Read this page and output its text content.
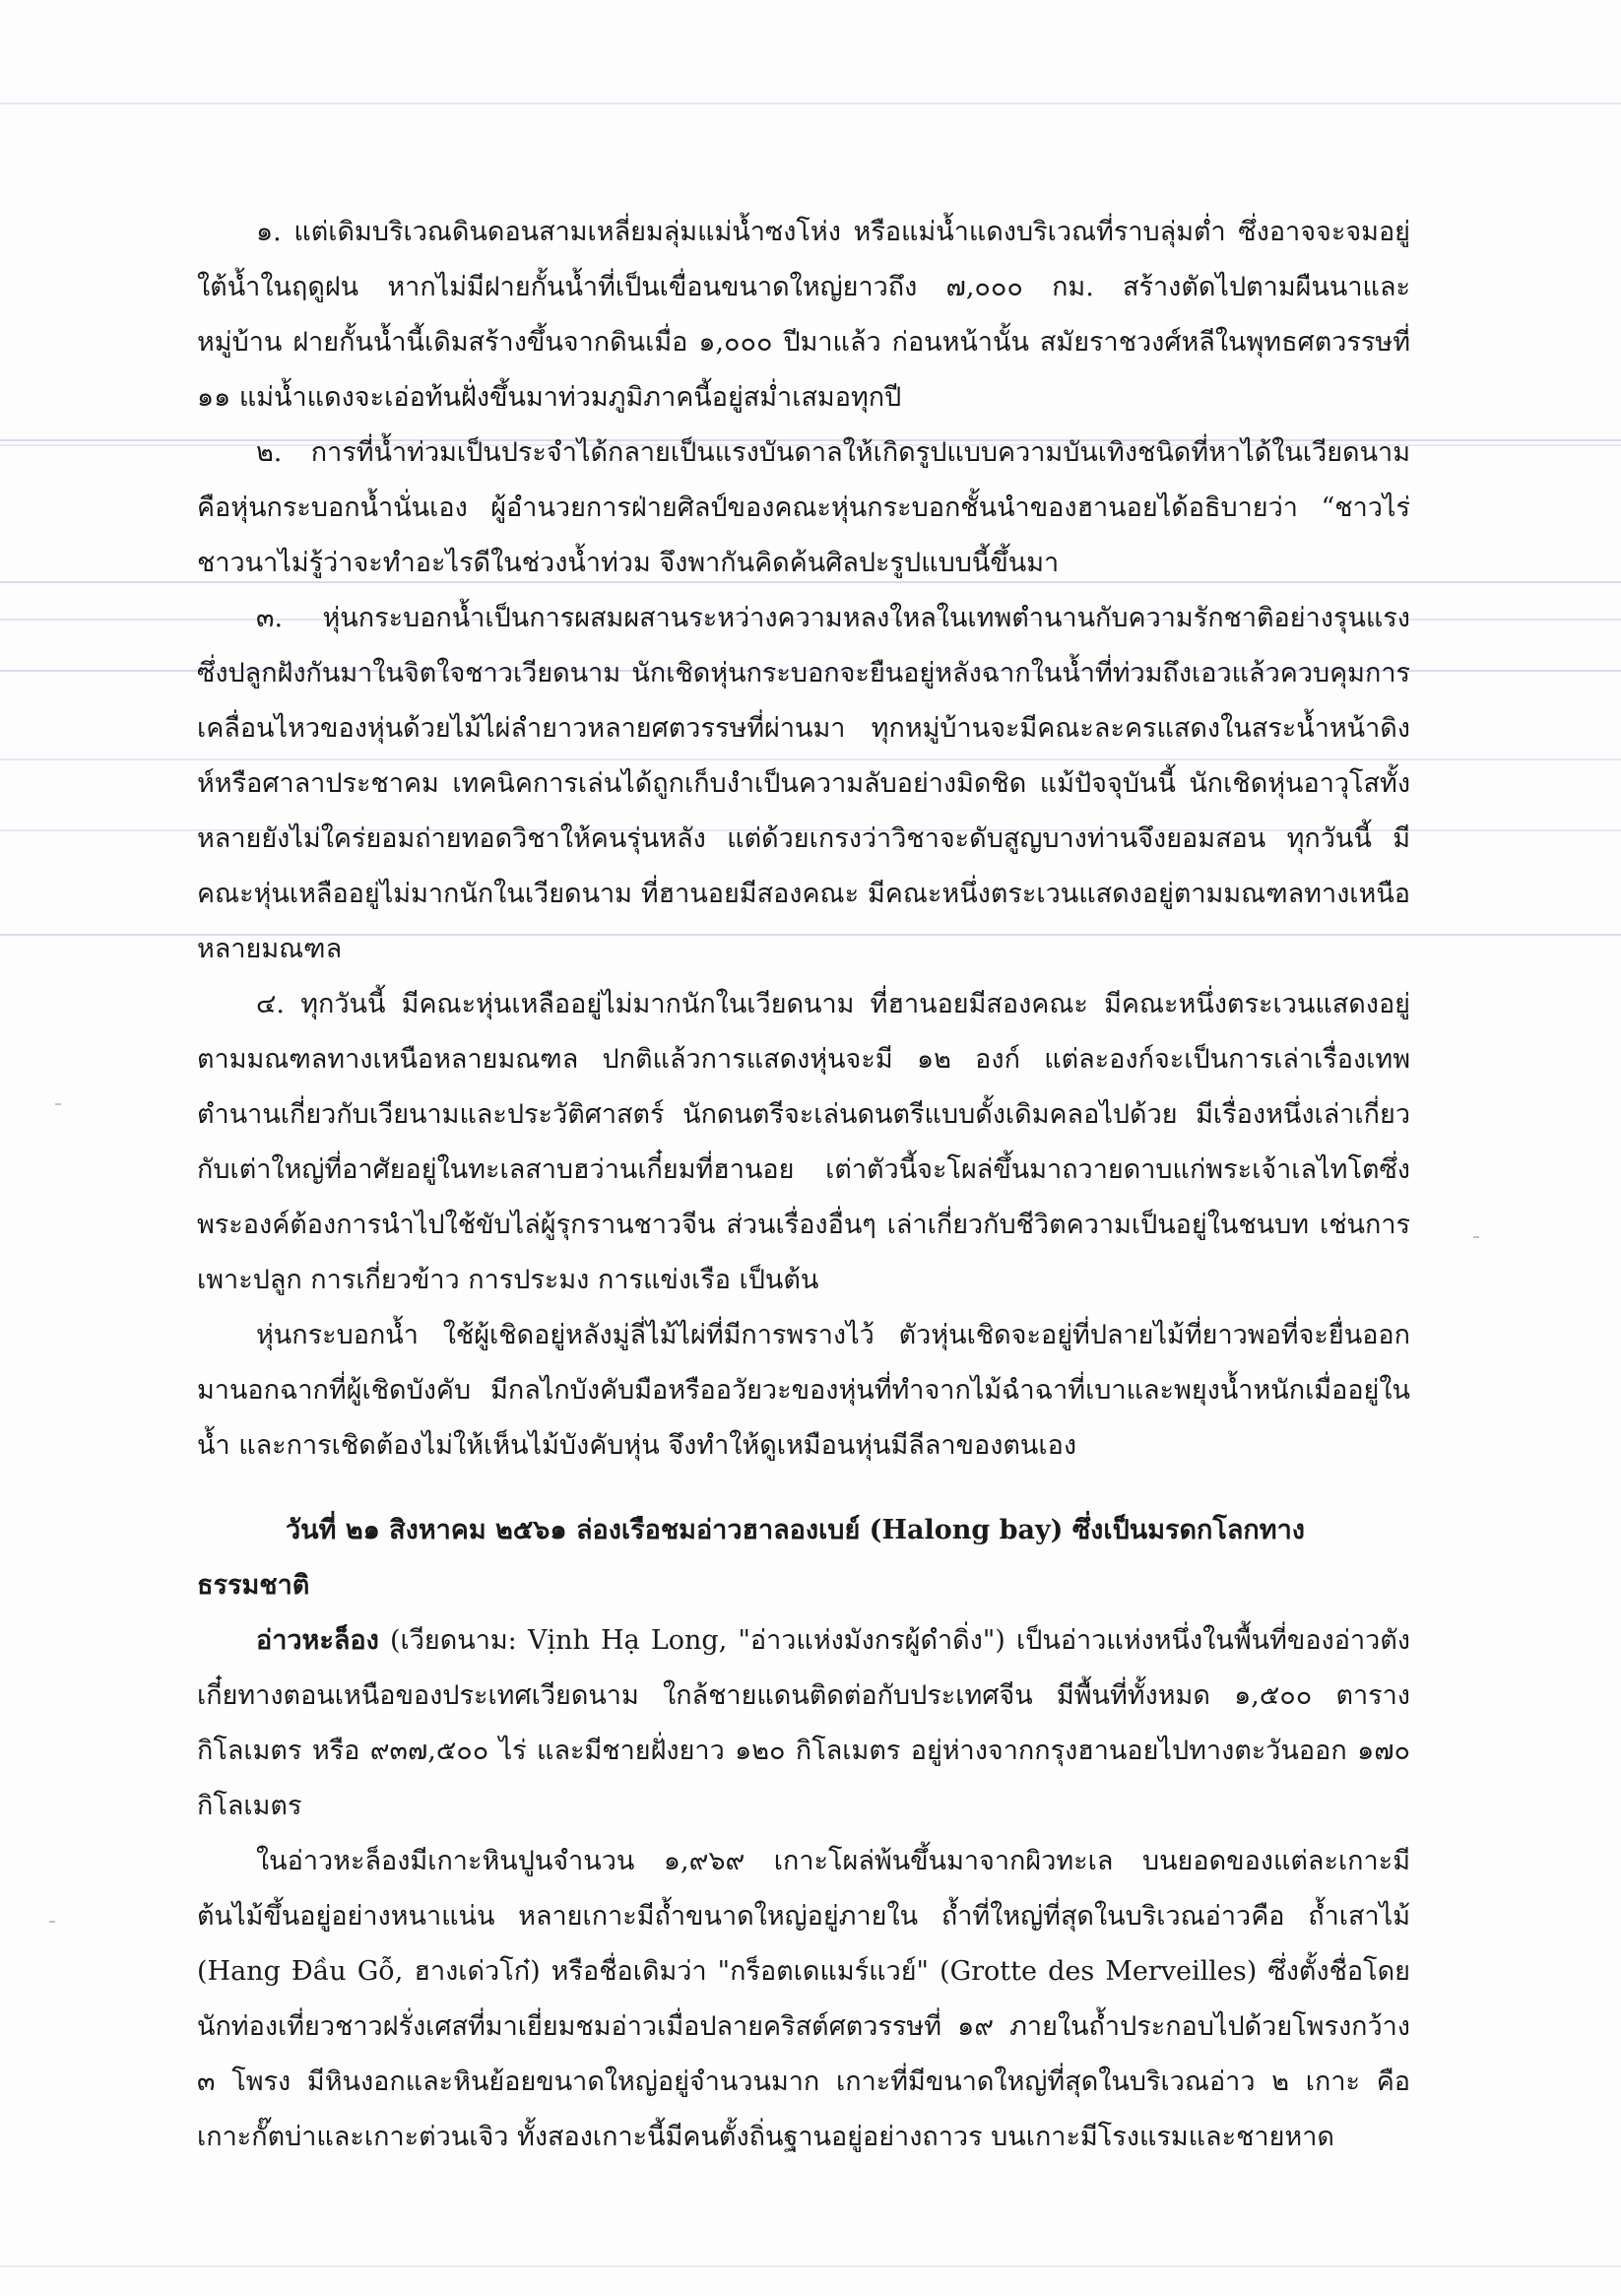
๑. แต่เดิมบริเวณดินดอนสามเหลี่ยมลุ่มแม่น้ำซงโห่ง หรือแม่น้ำแดงบริเวณที่ราบลุ่มต่ำ ซึ่งอาจจะจมอยู่ใต้น้ำในฤดูฝน หากไม่มีฝายกั้นน้ำที่เป็นเขื่อนขนาดใหญ่ยาวถึง ๗,๐๐๐ กม. สร้างตัดไปตามผืนนาและหมู่บ้าน ฝายกั้นน้ำนี้เดิมสร้างขึ้นจากดินเมื่อ ๑,๐๐๐ ปีมาแล้ว ก่อนหน้านั้น สมัยราชวงศ์หลีในพุทธศตวรรษที่ ๑๑ แม่น้ำแดงจะเอ่อท้นฝั่งขึ้นมาท่วมภูมิภาคนี้อยู่สม่ำเสมอทุกปี

๒. การที่น้ำท่วมเป็นประจำได้กลายเป็นแรงบันดาลให้เกิดรูปแบบความบันเทิงชนิดที่หาได้ในเวียดนาม คือหุ่นกระบอกน้ำนั่นเอง ผู้อำนวยการฝ่ายศิลป์ของคณะหุ่นกระบอกชั้นนำของฮานอยได้อธิบายว่า “ชาวไร่ชาวนาไม่รู้ว่าจะทำอะไรดีในช่วงน้ำท่วม จึงพากันคิดค้นศิลปะรูปแบบนี้ขึ้นมา

๓. หุ่นกระบอกน้ำเป็นการผสมผสานระหว่างความหลงใหลในเทพตำนานกับความรักชาติอย่างรุนแรง ซึ่งปลูกฝังกันมาในจิตใจชาวเวียดนาม นักเชิดหุ่นกระบอกจะยืนอยู่หลังฉากในน้ำที่ท่วมถึงเอวแล้วควบคุมการเคลื่อนไหวของหุ่นด้วยไม้ไผ่ลำยาวหลายศตวรรษที่ผ่านมา ทุกหมู่บ้านจะมีคณะละครแสดงในสระน้ำหน้าดิงห์หรือศาลาประชาคม เทคนิคการเล่นได้ถูกเก็บงำเป็นความลับอย่างมิดชิด แม้ปัจจุบันนี้ นักเชิดหุ่นอาวุโสทั้งหลายยังไม่ใคร่ยอมถ่ายทอดวิชาให้คนรุ่นหลัง แต่ด้วยเกรงว่าวิชาจะดับสูญบางท่านจึงยอมสอน ทุกวันนี้ มีคณะหุ่นเหลืออยู่ไม่มากนักในเวียดนาม ที่ฮานอยมีสองคณะ มีคณะหนึ่งตระเวนแสดงอยู่ตามมณฑลทางเหนือหลายมณฑล

๔. ทุกวันนี้ มีคณะหุ่นเหลืออยู่ไม่มากนักในเวียดนาม ที่ฮานอยมีสองคณะ มีคณะหนึ่งตระเวนแสดงอยู่ตามมณฑลทางเหนือหลายมณฑล ปกติแล้วการแสดงหุ่นจะมี ๑๒ องก์ แต่ละองก์จะเป็นการเล่าเรื่องเทพตำนานเกี่ยวกับเวียนามและประวัติศาสตร์ นักดนตรีจะเล่นดนตรีแบบดั้งเดิมคลอไปด้วย มีเรื่องหนึ่งเล่าเกี่ยวกับเต่าใหญ่ที่อาศัยอยู่ในทะเลสาบฮว่านเกี๋ยมที่ฮานอย เต่าตัวนี้จะโผล่ขึ้นมาถวายดาบแก่พระเจ้าเลไทโตซึ่งพระองค์ต้องการนำไปใช้ขับไล่ผู้รุกรานชาวจีน ส่วนเรื่องอื่นๆ เล่าเกี่ยวกับชีวิตความเป็นอยู่ในชนบท เช่นการเพาะปลูก การเกี่ยวข้าว การประมง การแข่งเรือ เป็นต้น

หุ่นกระบอกน้ำ ใช้ผู้เชิดอยู่หลังมู่ลี่ไม้ไผ่ที่มีการพรางไว้ ตัวหุ่นเชิดจะอยู่ที่ปลายไม้ที่ยาวพอที่จะยื่นออกมานอกฉากที่ผู้เชิดบังคับ มีกลไกบังคับมือหรืออวัยวะของหุ่นที่ทำจากไม้ฉำฉาที่เบาและพยุงน้ำหนักเมื่ออยู่ในน้ำ และการเชิดต้องไม่ให้เห็นไม้บังคับหุ่น จึงทำให้ดูเหมือนหุ่นมีลีลาของตนเอง

วันที่ ๒๑ สิงหาคม ๒๕๖๑ ล่องเรือชมอ่าวฮาลองเบย์ (Halong bay) ซึ่งเป็นมรดกโลกทางธรรมชาติ

อ่าวหะล็อง (เวียดนาม: Vịnh Hạ Long, "อ่าวแห่งมังกรผู้ดำดิ่ง") เป็นอ่าวแห่งหนึ่งในพื้นที่ของอ่าวตังเกี๋ยทางตอนเหนือของประเทศเวียดนาม ใกล้ชายแดนติดต่อกับประเทศจีน มีพื้นที่ทั้งหมด ๑,๕๐๐ ตารางกิโลเมตร หรือ ๙๓๗,๕๐๐ ไร่ และมีชายฝั่งยาว ๑๒๐ กิโลเมตร อยู่ห่างจากกรุงฮานอยไปทางตะวันออก ๑๗๐ กิโลเมตร

ในอ่าวหะล็องมีเกาะหินปูนจำนวน ๑,๙๖๙ เกาะโผล่พ้นขึ้นมาจากผิวทะเล บนยอดของแต่ละเกาะมีต้นไม้ขึ้นอยู่อย่างหนาแน่น หลายเกาะมีถ้ำขนาดใหญ่อยู่ภายใน ถ้ำที่ใหญ่ที่สุดในบริเวณอ่าวคือ ถ้ำเสาไม้ (Hang Đầu Gỗ, ฮางเด่วโก๋) หรือชื่อเดิมว่า "กร็อตเดแมร์แวย์" (Grotte des Merveilles) ซึ่งตั้งชื่อโดยนักท่องเที่ยวชาวฝรั่งเศสที่มาเยี่ยมชมอ่าวเมื่อปลายคริสต์ศตวรรษที่ ๑๙ ภายในถ้ำประกอบไปด้วยโพรงกว้าง ๓ โพรง มีหินงอกและหินย้อยขนาดใหญ่อยู่จำนวนมาก เกาะที่มีขนาดใหญ่ที่สุดในบริเวณอ่าว ๒ เกาะ คือ เกาะกั๊ตบ่าและเกาะต่วนเจิว ทั้งสองเกาะนี้มีคนตั้งถิ่นฐานอยู่อย่างถาวร บนเกาะมีโรงแรมและชายหาด
